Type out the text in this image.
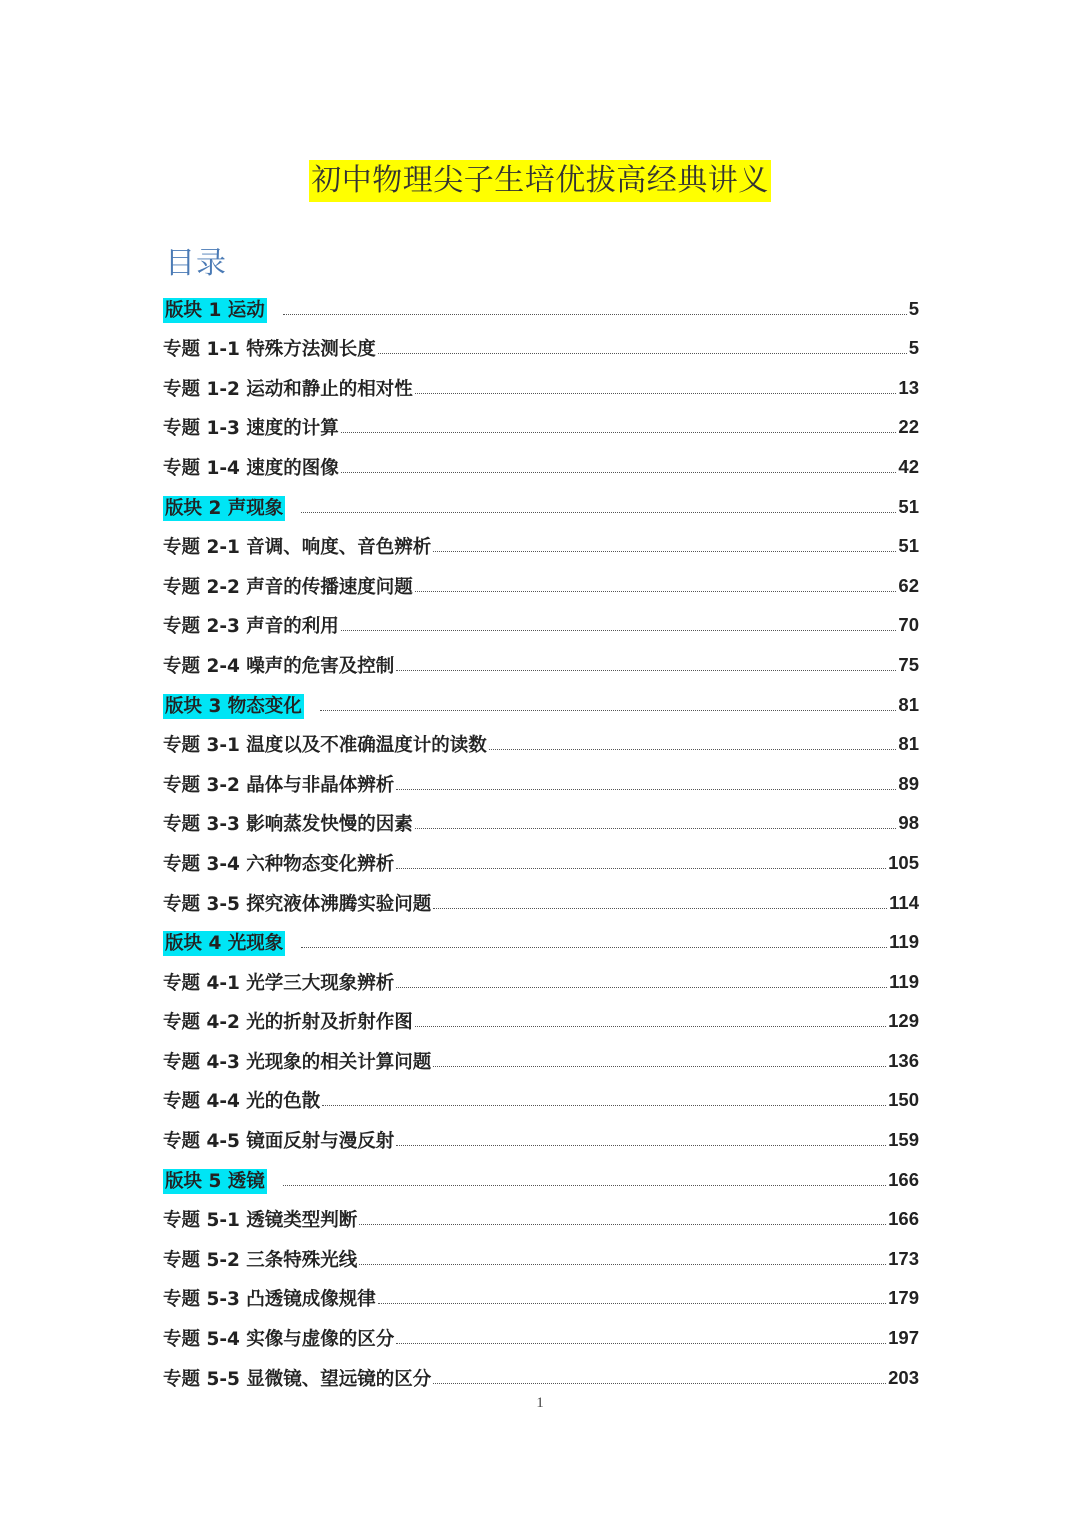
初中物理尖子生培优拔高经典讲义
目录
版块 1 运动	5
专题 1-1 特殊方法测长度	5
专题 1-2 运动和静止的相对性	13
专题 1-3 速度的计算	22
专题 1-4 速度的图像	42
版块 2 声现象	51
专题 2-1 音调、响度、音色辨析	51
专题 2-2 声音的传播速度问题	62
专题 2-3 声音的利用	70
专题 2-4 噪声的危害及控制	75
版块 3 物态变化	81
专题 3-1 温度以及不准确温度计的读数	81
专题 3-2 晶体与非晶体辨析	89
专题 3-3 影响蒸发快慢的因素	98
专题 3-4 六种物态变化辨析	105
专题 3-5 探究液体沸腾实验问题	114
版块 4 光现象	119
专题 4-1 光学三大现象辨析	119
专题 4-2 光的折射及折射作图	129
专题 4-3 光现象的相关计算问题	136
专题 4-4 光的色散	150
专题 4-5 镜面反射与漫反射	159
版块 5 透镜	166
专题 5-1 透镜类型判断	166
专题 5-2 三条特殊光线	173
专题 5-3 凸透镜成像规律	179
专题 5-4 实像与虚像的区分	197
专题 5-5 显微镜、望远镜的区分	203
1
